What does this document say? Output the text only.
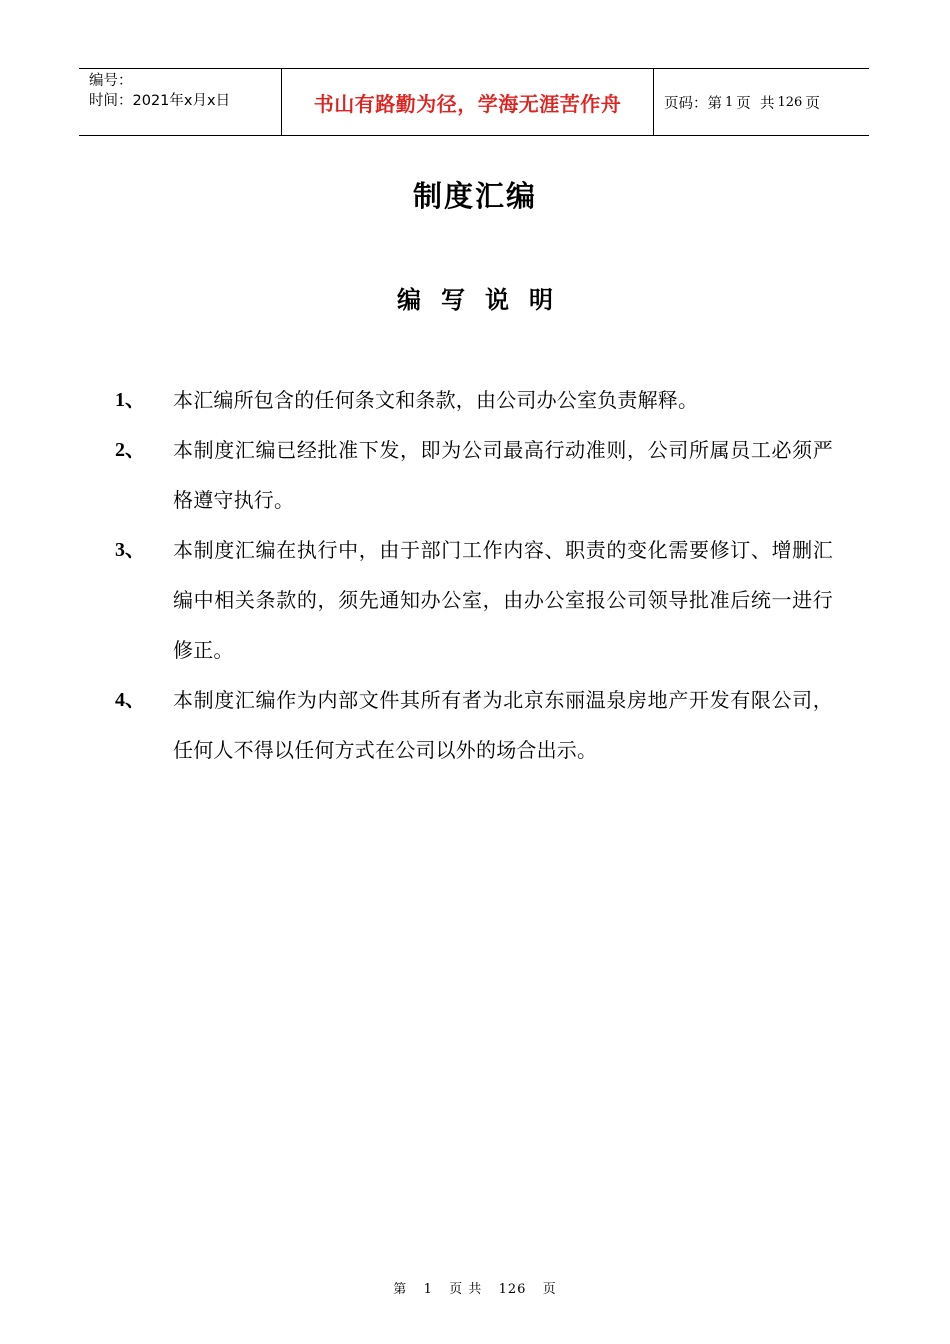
编号：
时间：2021年x月x日	书山有路勤为径，学海无涯苦作舟	页码：第 1 页  共 126 页
制度汇编
编写说明
1、	本汇编所包含的任何条文和条款，由公司办公室负责解释。
2、	本制度汇编已经批准下发，即为公司最高行动准则，公司所属员工必须严格遵守执行。
3、	本制度汇编在执行中，由于部门工作内容、职责的变化需要修订、增删汇编中相关条款的，须先通知办公室，由办公室报公司领导批准后统一进行修正。
4、	本制度汇编作为内部文件其所有者为北京东丽温泉房地产开发有限公司，任何人不得以任何方式在公司以外的场合出示。
第 1 页 共 126 页
